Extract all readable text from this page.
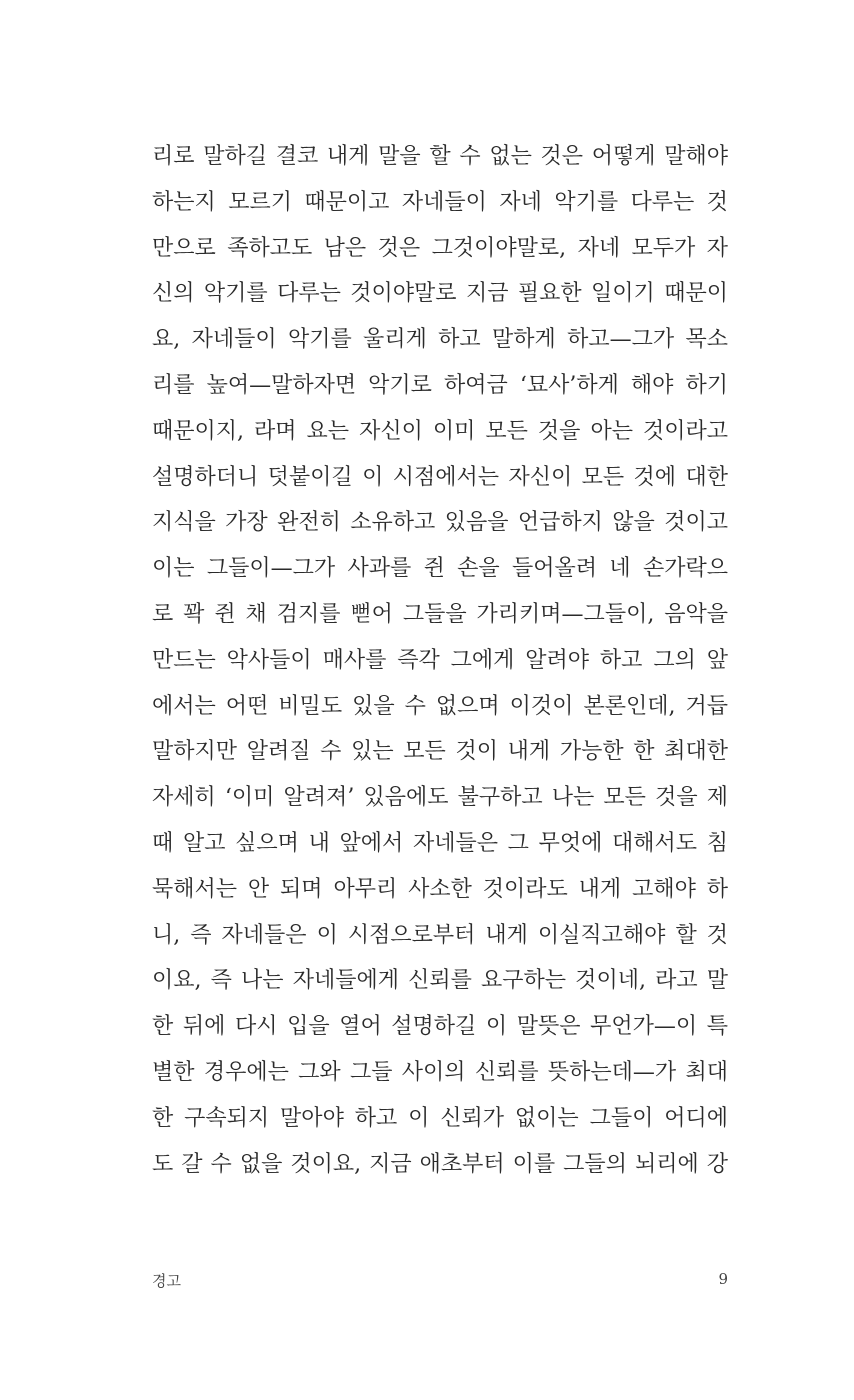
리로 말하길 결코 내게 말을 할 수 없는 것은 어떻게 말해야
하는지 모르기 때문이고 자네들이 자네 악기를 다루는 것
만으로 족하고도 남은 것은 그것이야말로, 자네 모두가 자
신의 악기를 다루는 것이야말로 지금 필요한 일이기 때문이
요, 자네들이 악기를 울리게 하고 말하게 하고—그가 목소
리를 높여—말하자면 악기로 하여금 ‘묘사’하게 해야 하기
때문이지, 라며 요는 자신이 이미 모든 것을 아는 것이라고
설명하더니 덧붙이길 이 시점에서는 자신이 모든 것에 대한
지식을 가장 완전히 소유하고 있음을 언급하지 않을 것이고
이는 그들이—그가 사과를 쥔 손을 들어올려 네 손가락으
로 꽉 쥔 채 검지를 뻗어 그들을 가리키며—그들이, 음악을
만드는 악사들이 매사를 즉각 그에게 알려야 하고 그의 앞
에서는 어떤 비밀도 있을 수 없으며 이것이 본론인데, 거듭
말하지만 알려질 수 있는 모든 것이 내게 가능한 한 최대한
자세히 ‘이미 알려져’ 있음에도 불구하고 나는 모든 것을 제
때 알고 싶으며 내 앞에서 자네들은 그 무엇에 대해서도 침
묵해서는 안 되며 아무리 사소한 것이라도 내게 고해야 하
니, 즉 자네들은 이 시점으로부터 내게 이실직고해야 할 것
이요, 즉 나는 자네들에게 신뢰를 요구하는 것이네, 라고 말
한 뒤에 다시 입을 열어 설명하길 이 말뜻은 무언가—이 특
별한 경우에는 그와 그들 사이의 신뢰를 뜻하는데—가 최대
한 구속되지 말아야 하고 이 신뢰가 없이는 그들이 어디에
도 갈 수 없을 것이요, 지금 애초부터 이를 그들의 뇌리에 강
경고	9
